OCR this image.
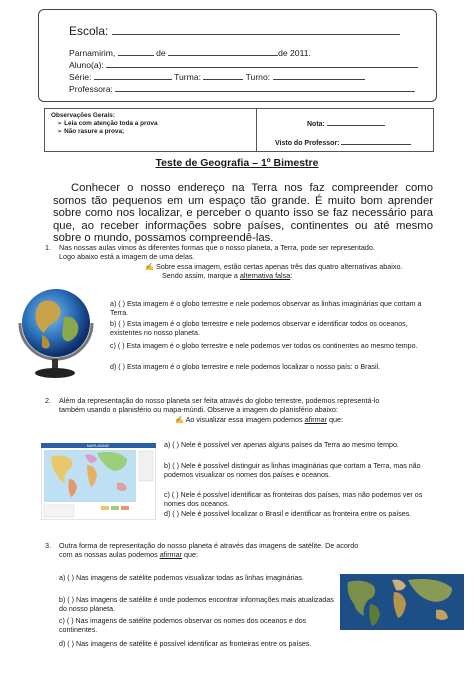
Escola:
Parnamirim,	de	de 2011.
Aluno(a):
Série:	Turma:	Turno:
Professora:
Observações Gerais:
➢ Leia com atenção toda a prova
➢ Não rasure a prova;
Nota:
Visto do Professor:
Teste de Geografia – 1º Bimestre
Conhecer o nosso endereço na Terra nos faz compreender como somos tão pequenos em um espaço tão grande. É muito bom aprender sobre como nos localizar, e perceber o quanto isso se faz necessário para que, ao receber informações sobre países, continentes ou até mesmo sobre o mundo, possamos compreendê-las.
1.	Nas nossas aulas vimos às diferentes formas que o nosso planeta, a Terra, pode ser representado.
Logo abaixo está a imagem de uma delas.
✍ Sobre essa imagem, estão certas apenas três das quatro alternativas abaixo.
Sendo assim, marque a alternativa falsa:
a) ( ) Esta imagem é o globo terrestre e nele podemos observar as linhas imaginárias que cortam a Terra.
b) ( ) Esta imagem é o globo terrestre e nele podemos observar e identificar todos os oceanos, existentes no nosso planeta.
c) ( ) Esta imagem é o globo terrestre e nele podemos ver todos os continentes ao mesmo tempo.
d) ( ) Esta imagem é o globo terrestre e nele podemos localizar o nosso país: o Brasil.
2.	Além da representação do nosso planeta ser feita através do globo terrestre, podemos representá-lo
também usando o planisfério ou mapa-múndi. Observe a imagem do planisfério abaixo:
✍ Ao visualizar essa imagem podemos afirmar que:
MAPA-MÚNDI	a) ( ) Nele é possível ver apenas alguns países da Terra ao mesmo tempo.
b) ( ) Nele é possível distinguir as linhas imaginárias que cortam a Terra, mas não podemos visualizar os nomes dos países e oceanos.
c) ( ) Nele é possível identificar as fronteiras dos países, mas não podemos ver os nomes dos oceanos.
d) ( ) Nele é possível localizar o Brasil e identificar as fronteira entre os países.
3.	Outra forma de representação do nosso planeta é através das imagens de satélite. De acordo
com as nossas aulas podemos afirmar que:
a) ( ) Nas imagens de satélite podemos visualizar todas as linhas imaginárias.
b) ( ) Nas imagens de satélite é onde podemos encontrar informações mais atualizadas do nosso planeta.
c) ( ) Nas imagens de satélite podemos observar os nomes dos oceanos e dos continentes.
d) ( ) Nas imagens de satélite é possível identificar as fronteiras entre os países.
